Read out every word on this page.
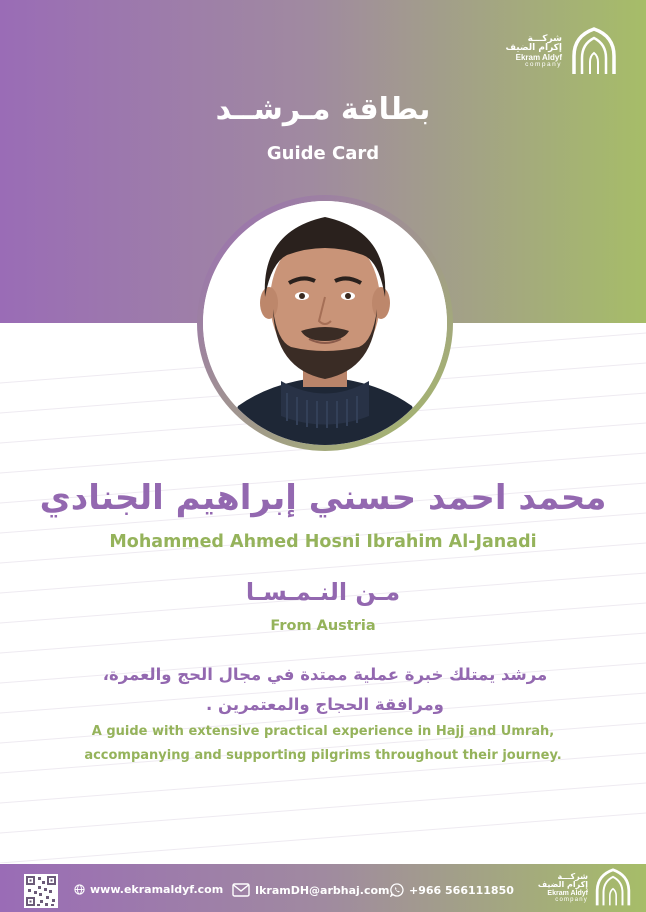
شركـــة
إكرام الضيف
Ekram Aldyf
company
بطاقة مـرشــد
Guide Card
محمد احمد حسني إبراهيم الجنادي
Mohammed Ahmed Hosni Ibrahim Al-Janadi
مـن النـمـسـا
From Austria
مرشد يمتلك خبرة عملية ممتدة في مجال الحج والعمرة، ومرافقة الحجاج والمعتمرين .
A guide with extensive practical experience in Hajj and Umrah, accompanying and supporting pilgrims throughout their journey.
www.ekramaldyf.com	IkramDH@arbhaj.com +966 566111850
شركـــة
إكرام الضيف
Ekram Aldyf
company
